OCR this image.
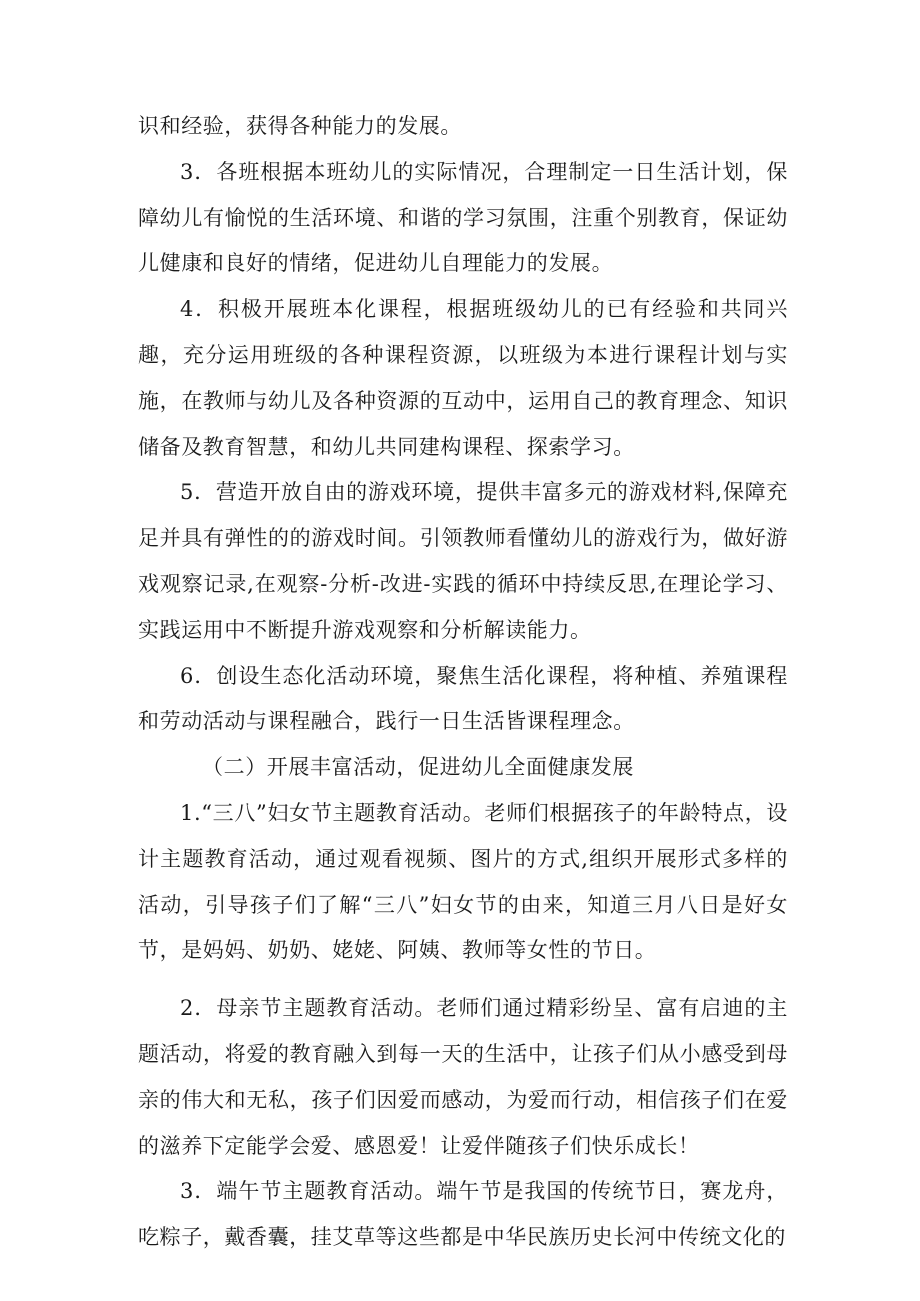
识和经验，获得各种能力的发展。

3．各班根据本班幼儿的实际情况，合理制定一日生活计划，保障幼儿有愉悦的生活环境、和谐的学习氛围，注重个别教育，保证幼儿健康和良好的情绪，促进幼儿自理能力的发展。

4．积极开展班本化课程，根据班级幼儿的已有经验和共同兴趣，充分运用班级的各种课程资源，以班级为本进行课程计划与实施，在教师与幼儿及各种资源的互动中，运用自己的教育理念、知识储备及教育智慧，和幼儿共同建构课程、探索学习。

5．营造开放自由的游戏环境，提供丰富多元的游戏材料,保障充足并具有弹性的的游戏时间。引领教师看懂幼儿的游戏行为，做好游戏观察记录,在观察-分析-改进-实践的循环中持续反思,在理论学习、实践运用中不断提升游戏观察和分析解读能力。

6．创设生态化活动环境，聚焦生活化课程，将种植、养殖课程和劳动活动与课程融合，践行一日生活皆课程理念。

（二）开展丰富活动，促进幼儿全面健康发展

1.“三八”妇女节主题教育活动。老师们根据孩子的年龄特点，设计主题教育活动，通过观看视频、图片的方式,组织开展形式多样的活动，引导孩子们了解“三八”妇女节的由来，知道三月八日是好女节，是妈妈、奶奶、姥姥、阿姨、教师等女性的节日。

2．母亲节主题教育活动。老师们通过精彩纷呈、富有启迪的主题活动，将爱的教育融入到每一天的生活中，让孩子们从小感受到母亲的伟大和无私，孩子们因爱而感动，为爱而行动，相信孩子们在爱的滋养下定能学会爱、感恩爱！让爱伴随孩子们快乐成长！

3．端午节主题教育活动。端午节是我国的传统节日，赛龙舟，吃粽子，戴香囊，挂艾草等这些都是中华民族历史长河中传统文化的
